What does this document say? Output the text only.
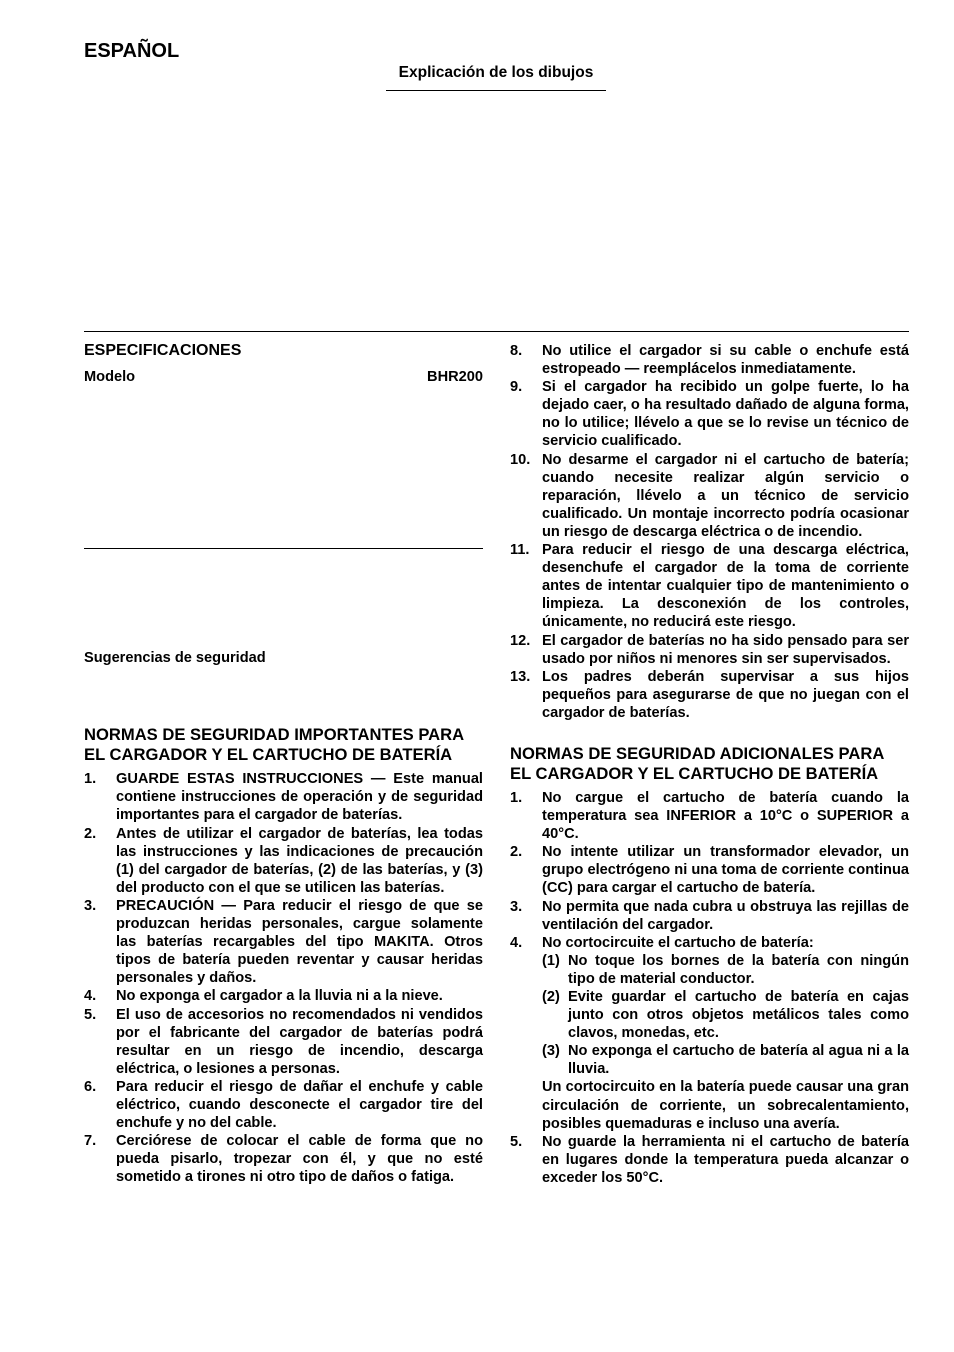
ESPAÑOL
Explicación de los dibujos
ESPECIFICACIONES
Modelo	BHR200
Sugerencias de seguridad
NORMAS DE SEGURIDAD IMPORTANTES PARA EL CARGADOR Y EL CARTUCHO DE BATERÍA
1.	GUARDE ESTAS INSTRUCCIONES — Este manual contiene instrucciones de operación y de seguridad importantes para el cargador de baterías.
2.	Antes de utilizar el cargador de baterías, lea todas las instrucciones y las indicaciones de precaución (1) del cargador de baterías, (2) de las baterías, y (3) del producto con el que se utilicen las baterías.
3.	PRECAUCIÓN — Para reducir el riesgo de que se produzcan heridas personales, cargue solamente las baterías recargables del tipo MAKITA. Otros tipos de batería pueden reventar y causar heridas personales y daños.
4.	No exponga el cargador a la lluvia ni a la nieve.
5.	El uso de accesorios no recomendados ni vendidos por el fabricante del cargador de baterías podrá resultar en un riesgo de incendio, descarga eléctrica, o lesiones a personas.
6.	Para reducir el riesgo de dañar el enchufe y cable eléctrico, cuando desconecte el cargador tire del enchufe y no del cable.
7.	Cerciórese de colocar el cable de forma que no pueda pisarlo, tropezar con él, y que no esté sometido a tirones ni otro tipo de daños o fatiga.
8.	No utilice el cargador si su cable o enchufe está estropeado — reemplácelos inmediatamente.
9.	Si el cargador ha recibido un golpe fuerte, lo ha dejado caer, o ha resultado dañado de alguna forma, no lo utilice; llévelo a que se lo revise un técnico de servicio cualificado.
10. No desarme el cargador ni el cartucho de batería; cuando necesite realizar algún servicio o reparación, llévelo a un técnico de servicio cualificado. Un montaje incorrecto podría ocasionar un riesgo de descarga eléctrica o de incendio.
11. Para reducir el riesgo de una descarga eléctrica, desenchufe el cargador de la toma de corriente antes de intentar cualquier tipo de mantenimiento o limpieza. La desconexión de los controles, únicamente, no reducirá este riesgo.
12. El cargador de baterías no ha sido pensado para ser usado por niños ni menores sin ser supervisados.
13. Los padres deberán supervisar a sus hijos pequeños para asegurarse de que no juegan con el cargador de baterías.
NORMAS DE SEGURIDAD ADICIONALES PARA EL CARGADOR Y EL CARTUCHO DE BATERÍA
1.	No cargue el cartucho de batería cuando la temperatura sea INFERIOR a 10°C o SUPERIOR a 40°C.
2.	No intente utilizar un transformador elevador, un grupo electrógeno ni una toma de corriente continua (CC) para cargar el cartucho de batería.
3.	No permita que nada cubra u obstruya las rejillas de ventilación del cargador.
4.	No cortocircuite el cartucho de batería:
(1) No toque los bornes de la batería con ningún tipo de material conductor.
(2) Evite guardar el cartucho de batería en cajas junto con otros objetos metálicos tales como clavos, monedas, etc.
(3) No exponga el cartucho de batería al agua ni a la lluvia.
Un cortocircuito en la batería puede causar una gran circulación de corriente, un sobrecalentamiento, posibles quemaduras e incluso una avería.
5.	No guarde la herramienta ni el cartucho de batería en lugares donde la temperatura pueda alcanzar o exceder los 50°C.
